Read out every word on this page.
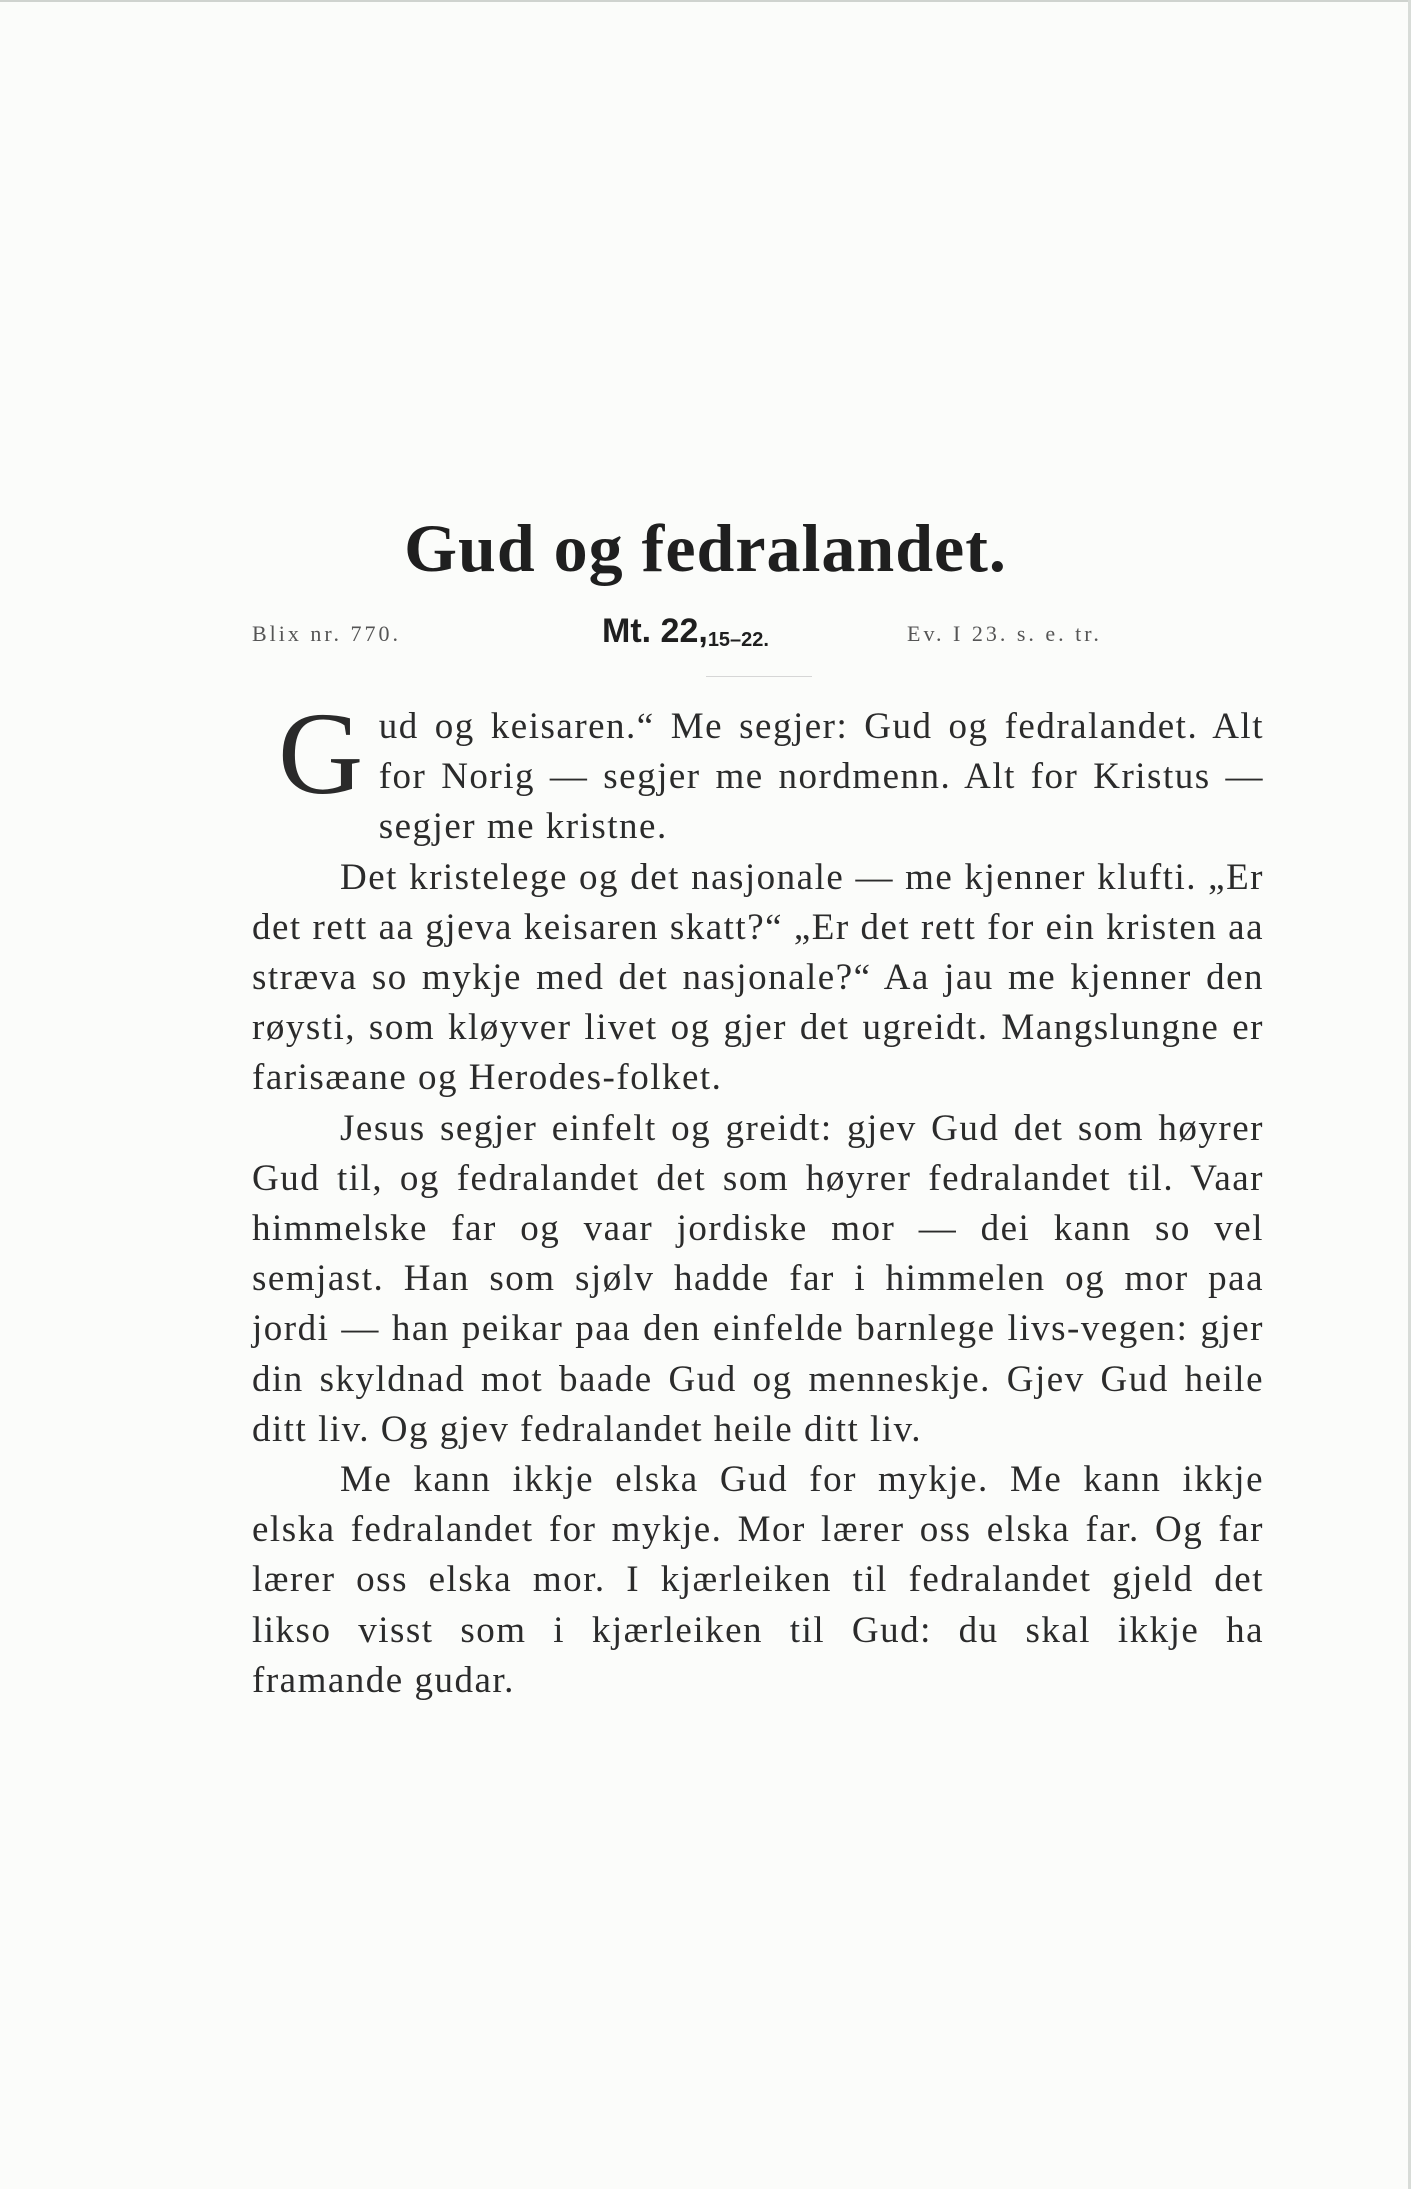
Gud og fedralandet.
Blix nr. 770.	Mt. $22,_{15-22.}$	Ev. I 23. s. e. tr.

Gud og keisaren.“ Me segjer: Gud og fedralandet. Alt for Norig — segjer me nordmenn. Alt for Kristus — segjer me kristne.

Det kristelege og det nasjonale — me kjenner klufti. „Er det rett aa gjeva keisaren skatt?“ „Er det rett for ein kristen aa stræva so mykje med det nasjonale?“ Aa jau me kjenner den røysti, som kløyver livet og gjer det ugreidt. Mangslungne er farisæane og Herodes-folket.

Jesus segjer einfelt og greidt: gjev Gud det som høyrer Gud til, og fedralandet det som høyrer fedralandet til. Vaar himmelske far og vaar jordiske mor — dei kann so vel semjast. Han som sjølv hadde far i himmelen og mor paa jordi — han peikar paa den einfelde barnlege livs-vegen: gjer din skyldnad mot baade Gud og menneskje. Gjev Gud heile ditt liv. Og gjev fedralandet heile ditt liv.

Me kann ikkje elska Gud for mykje. Me kann ikkje elska fedralandet for mykje. Mor lærer oss elska far. Og far lærer oss elska mor. I kjærleiken til fedralandet gjeld det likso visst som i kjærleiken til Gud: du skal ikkje ha framande gudar.
